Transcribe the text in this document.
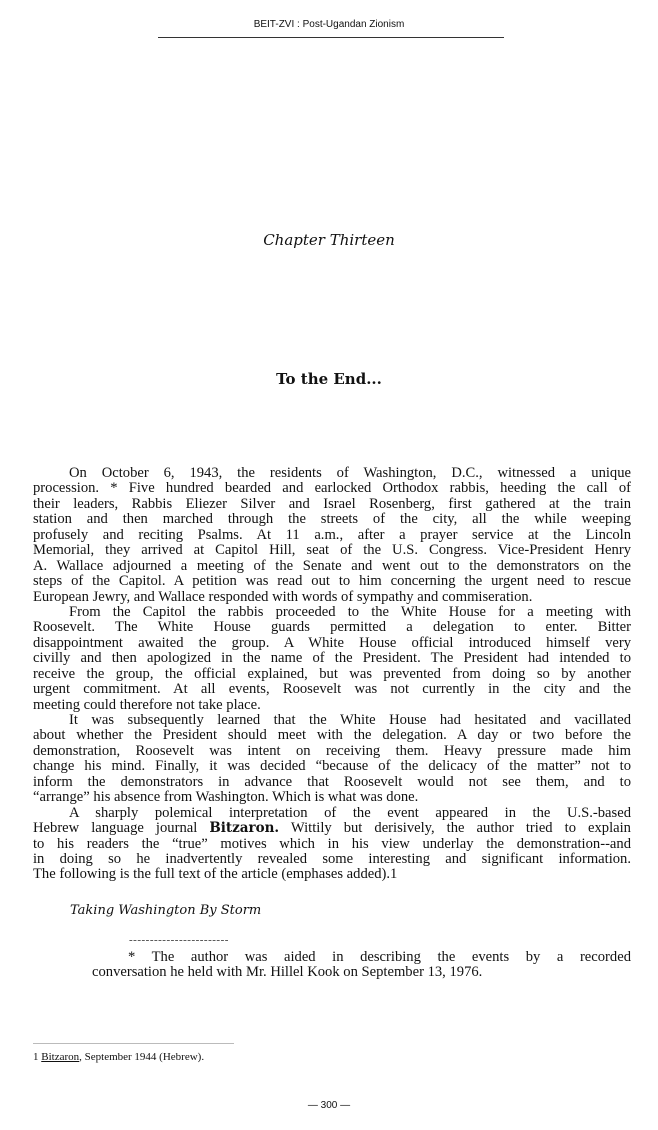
BEIT-ZVI : Post-Ugandan Zionism
Chapter Thirteen
To the End...
On October 6, 1943, the residents of Washington, D.C., witnessed a unique
procession. * Five hundred bearded and earlocked Orthodox rabbis, heeding the call of
their leaders, Rabbis Eliezer Silver and Israel Rosenberg, first gathered at the train
station and then marched through the streets of the city, all the while weeping
profusely and reciting Psalms. At 11 a.m., after a prayer service at the Lincoln
Memorial, they arrived at Capitol Hill, seat of the U.S. Congress. Vice-President Henry
A. Wallace adjourned a meeting of the Senate and went out to the demonstrators on the
steps of the Capitol. A petition was read out to him concerning the urgent need to rescue
European Jewry, and Wallace responded with words of sympathy and commiseration.
From the Capitol the rabbis proceeded to the White House for a meeting with
Roosevelt. The White House guards permitted a delegation to enter. Bitter
disappointment awaited the group. A White House official introduced himself very
civilly and then apologized in the name of the President. The President had intended to
receive the group, the official explained, but was prevented from doing so by another
urgent commitment. At all events, Roosevelt was not currently in the city and the
meeting could therefore not take place.
It was subsequently learned that the White House had hesitated and vacillated
about whether the President should meet with the delegation. A day or two before the
demonstration, Roosevelt was intent on receiving them. Heavy pressure made him
change his mind. Finally, it was decided “because of the delicacy of the matter” not to
inform the demonstrators in advance that Roosevelt would not see them, and to
“arrange” his absence from Washington. Which is what was done.
A sharply polemical interpretation of the event appeared in the U.S.-based
Hebrew language journal Bitzaron. Wittily but derisively, the author tried to explain
to his readers the “true” motives which in his view underlay the demonstration--and
in doing so he inadvertently revealed some interesting and significant information.
The following is the full text of the article (emphases added).1
Taking Washington By Storm
------------------------
* The author was aided in describing the events by a recorded
conversation he held with Mr. Hillel Kook on September 13, 1976.
1 Bitzaron, September 1944 (Hebrew).
— 300 —
